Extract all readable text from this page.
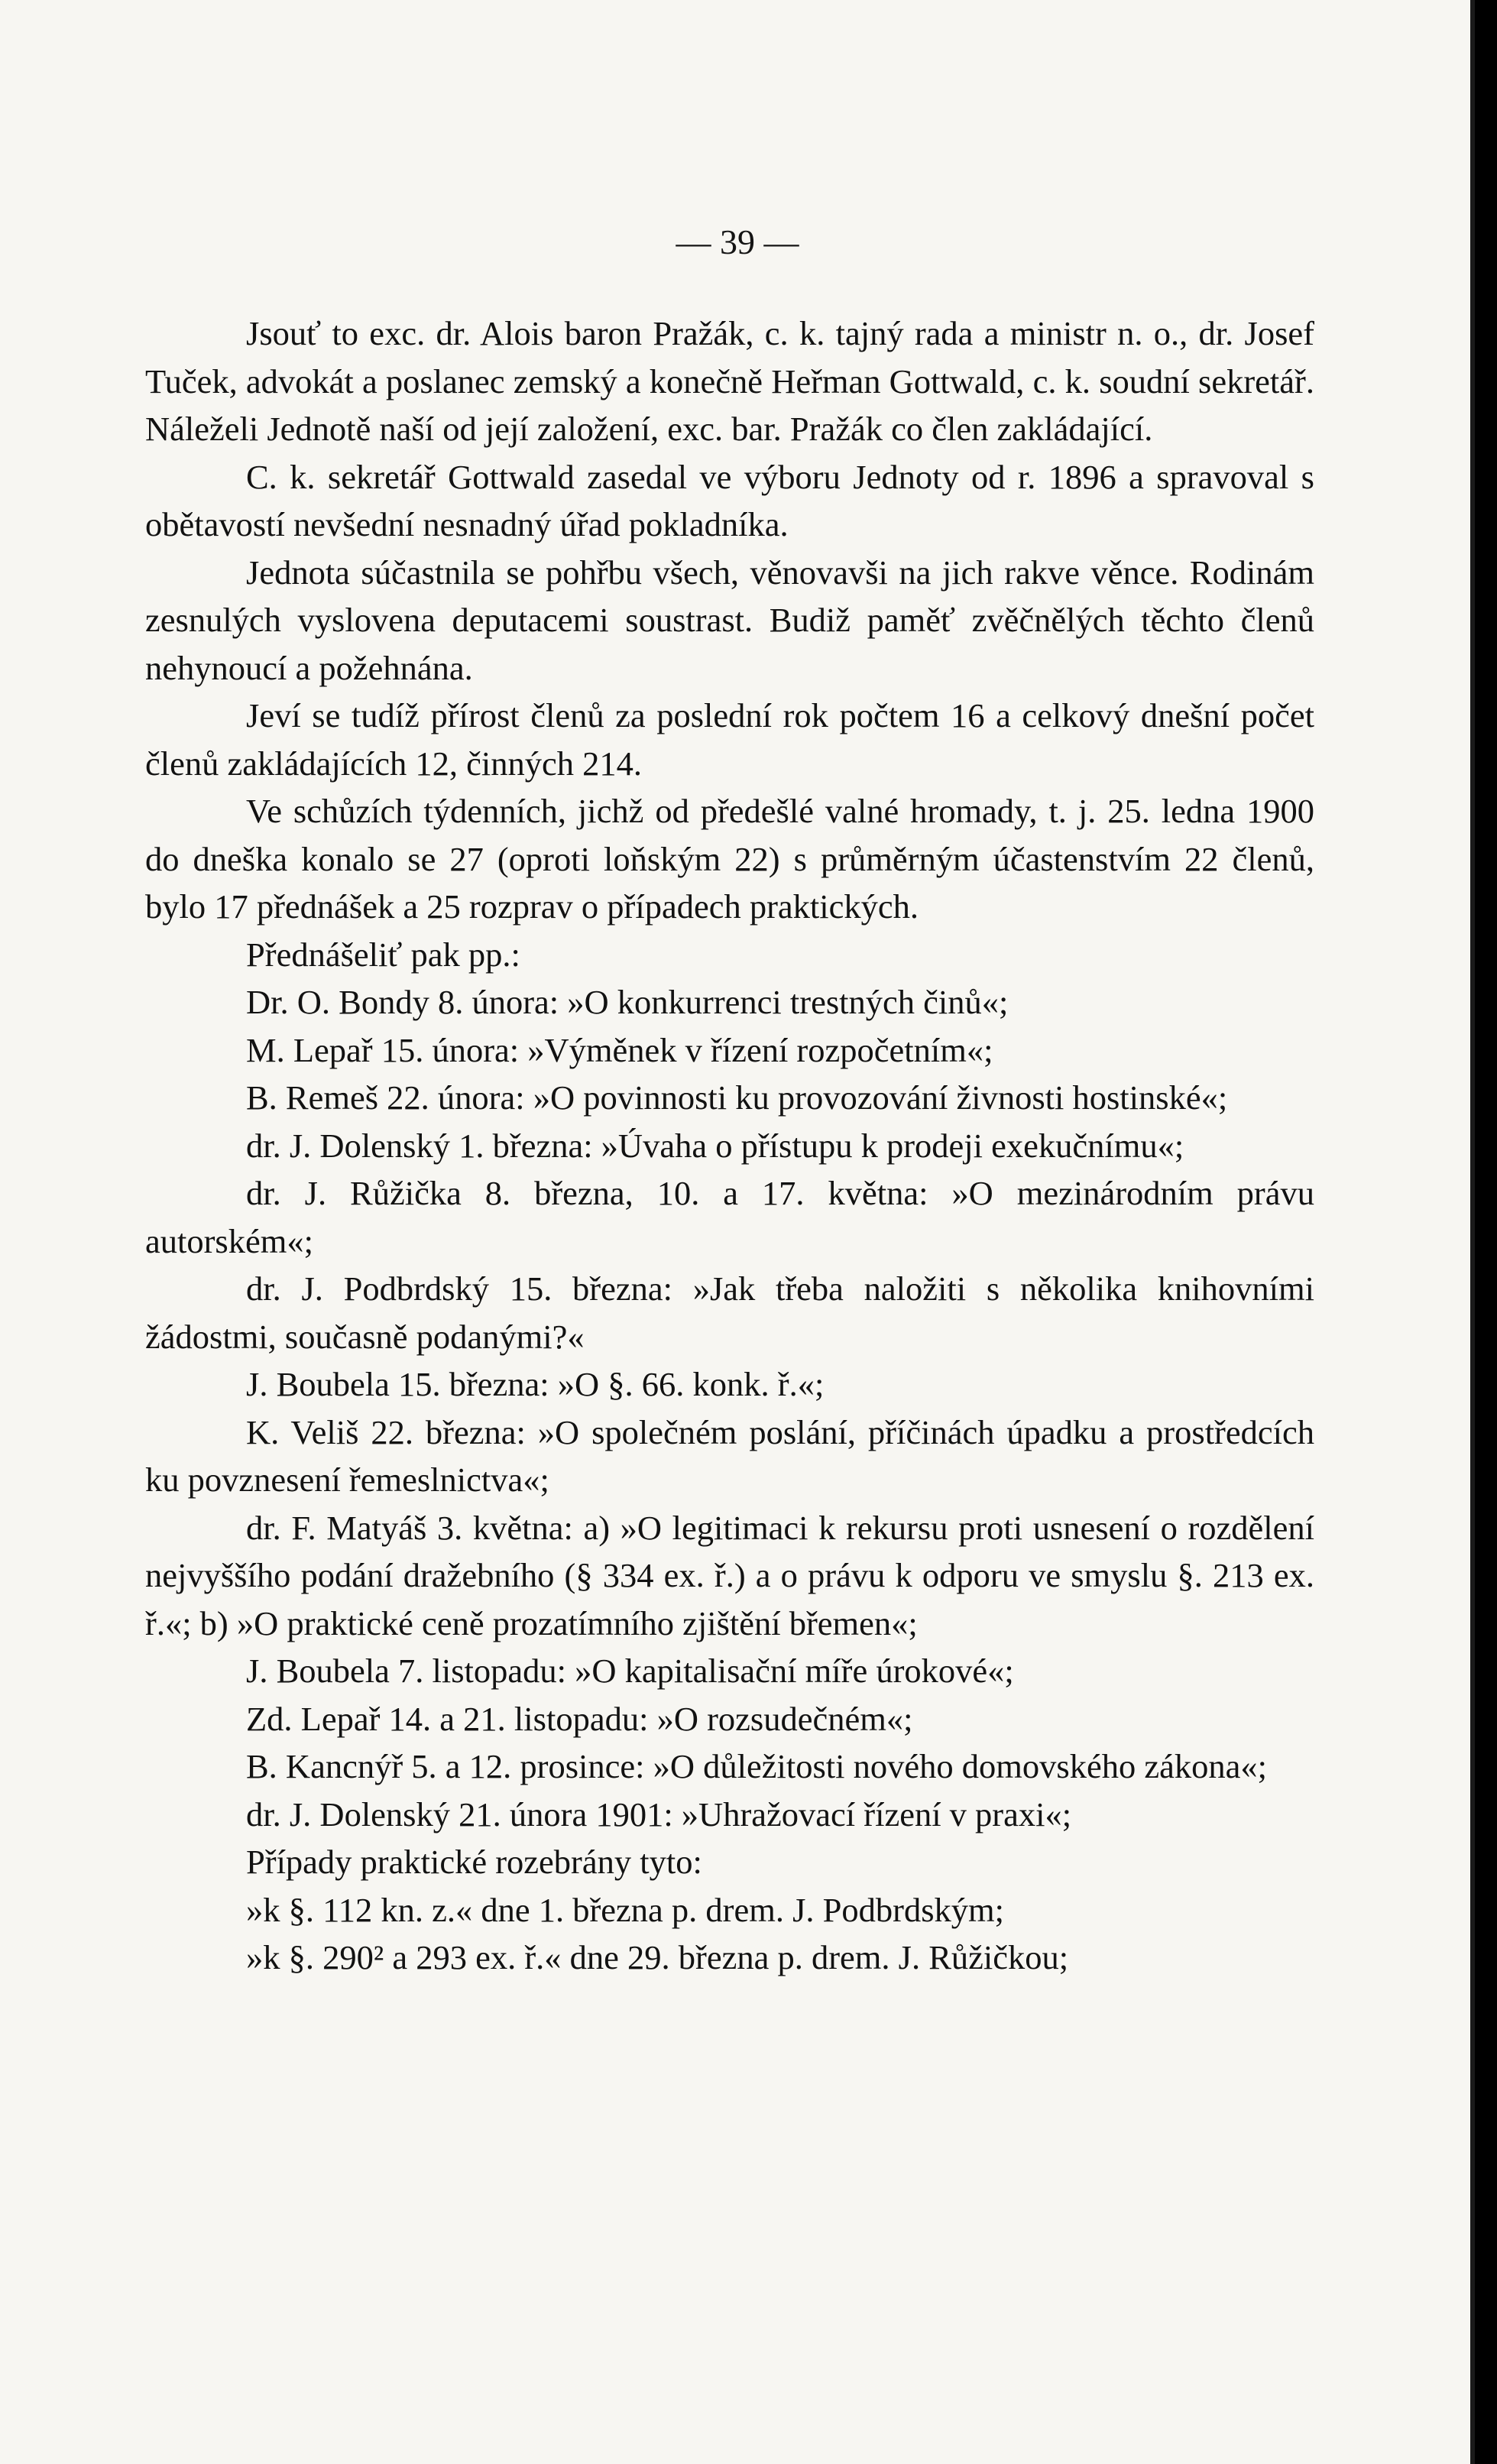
— 39 —

Jsouť to exc. dr. Alois baron Pražák, c. k. tajný rada a ministr n. o., dr. Josef Tuček, advokát a poslanec zemský a konečně Heřman Gottwald, c. k. soudní sekretář. Náleželi Jednotě naší od její založení, exc. bar. Pražák co člen zakládající.

C. k. sekretář Gottwald zasedal ve výboru Jednoty od r. 1896 a spravoval s obětavostí nevšední nesnadný úřad pokladníka.

Jednota súčastnila se pohřbu všech, věnovavši na jich rakve věnce. Rodinám zesnulých vyslovena deputacemi soustrast. Budiž paměť zvěčnělých těchto členů nehynoucí a požehnána.

Jeví se tudíž přírost členů za poslední rok počtem 16 a celkový dnešní počet členů zakládajících 12, činných 214.

Ve schůzích týdenních, jichž od předešlé valné hromady, t. j. 25. ledna 1900 do dneška konalo se 27 (oproti loňským 22) s průměrným účastenstvím 22 členů, bylo 17 přednášek a 25 rozprav o případech praktických.

Přednášeliť pak pp.:

Dr. O. Bondy 8. února: »O konkurrenci trestných činů«;

M. Lepař 15. února: »Výměnek v řízení rozpočetním«;

B. Remeš 22. února: »O povinnosti ku provozování živnosti hostinské«;

dr. J. Dolenský 1. března: »Úvaha o přístupu k prodeji exekučnímu«;

dr. J. Růžička 8. března, 10. a 17. května: »O mezinárodním právu autorském«;

dr. J. Podbrdský 15. března: »Jak třeba naložiti s několika knihovními žádostmi, současně podanými?«

J. Boubela 15. března: »O §. 66. konk. ř.«;

K. Veliš 22. března: »O společném poslání, příčinách úpadku a prostředcích ku povznesení řemeslnictva«;

dr. F. Matyáš 3. května: a) »O legitimaci k rekursu proti usnesení o rozdělení nejvyššího podání dražebního (§ 334 ex. ř.) a o právu k odporu ve smyslu §. 213 ex. ř.«; b) »O praktické ceně prozatímního zjištění břemen«;

J. Boubela 7. listopadu: »O kapitalisační míře úrokové«;

Zd. Lepař 14. a 21. listopadu: »O rozsudečném«;

B. Kancnýř 5. a 12. prosince: »O důležitosti nového domovského zákona«;

dr. J. Dolenský 21. února 1901: »Uhražovací řízení v praxi«;

Případy praktické rozebrány tyto:

»k §. 112 kn. z.« dne 1. března p. drem. J. Podbrdským;

»k §. 290² a 293 ex. ř.« dne 29. března p. drem. J. Růžičkou;
